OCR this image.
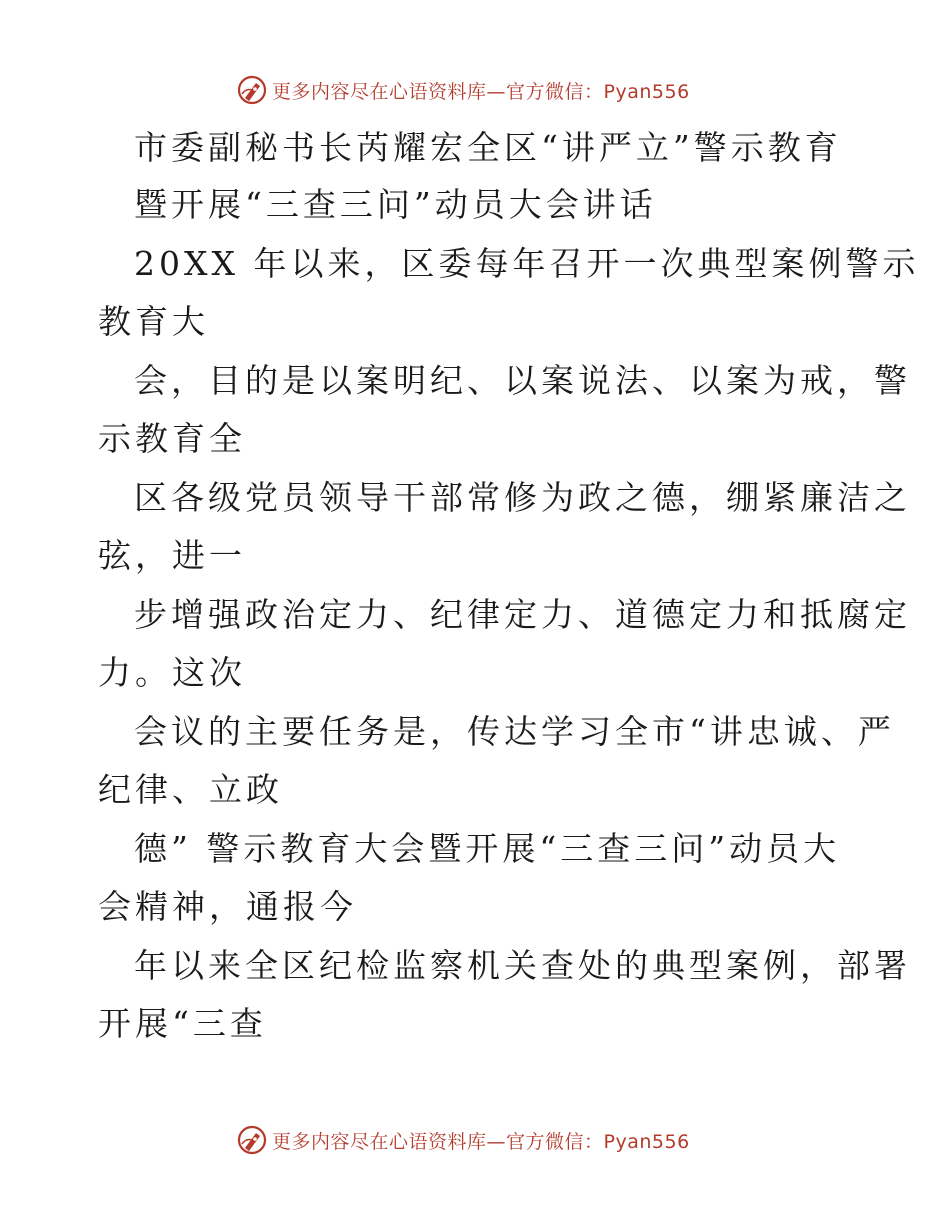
更多内容尽在心语资料库—官方微信：Pyan556
市委副秘书长芮耀宏全区“讲严立”警示教育
暨开展“三查三问”动员大会讲话
20XX 年以来，区委每年召开一次典型案例警示
教育大
会，目的是以案明纪、以案说法、以案为戒，警
示教育全
区各级党员领导干部常修为政之德，绷紧廉洁之
弦，进一
步增强政治定力、纪律定力、道德定力和抵腐定
力。这次
会议的主要任务是，传达学习全市“讲忠诚、严
纪律、立政
德” 警示教育大会暨开展“三查三问”动员大
会精神，通报今
年以来全区纪检监察机关查处的典型案例，部署
开展“三查
更多内容尽在心语资料库—官方微信：Pyan556
